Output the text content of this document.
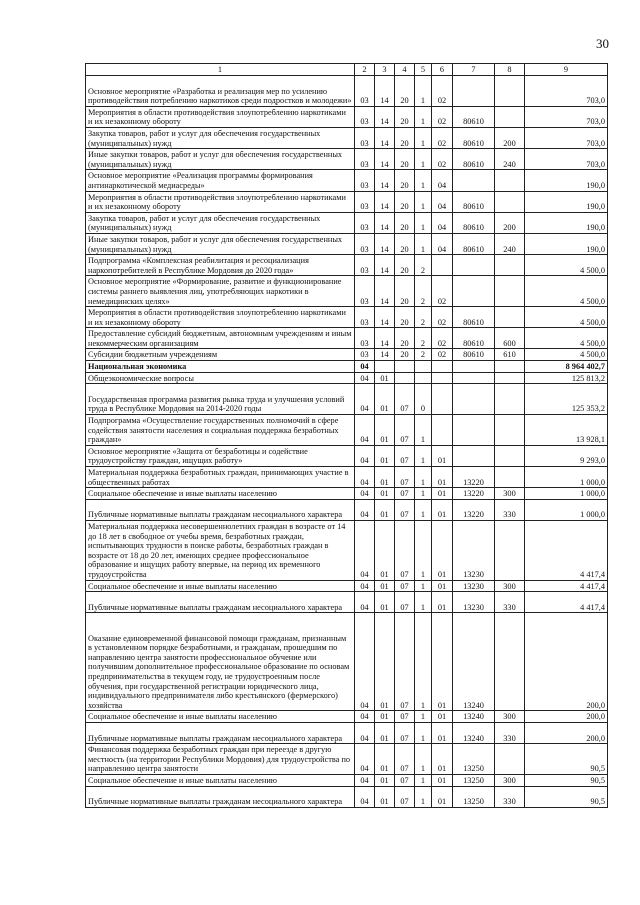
30
1	2	3	4	5	6	7	8	9
Основное мероприятие «Разработка и реализация мер по усилению противодействия потреблению наркотиков среди подростков и молодежи»	03	14	20	1	02			703,0
Мероприятия в области противодействия злоупотреблению наркотиками и их незаконному обороту	03	14	20	1	02	80610		703,0
Закупка товаров, работ и услуг для обеспечения государственных (муниципальных) нужд	03	14	20	1	02	80610	200	703,0
Иные закупки товаров, работ и услуг для обеспечения государственных (муниципальных) нужд	03	14	20	1	02	80610	240	703,0
Основное мероприятие «Реализация программы формирования антинаркотической медиасреды»	03	14	20	1	04			190,0
Мероприятия в области противодействия злоупотреблению наркотиками и их незаконному обороту	03	14	20	1	04	80610		190,0
Закупка товаров, работ и услуг для обеспечения государственных (муниципальных) нужд	03	14	20	1	04	80610	200	190,0
Иные закупки товаров, работ и услуг для обеспечения государственных (муниципальных) нужд	03	14	20	1	04	80610	240	190,0
Подпрограмма «Комплексная реабилитация и ресоциализация наркопотребителей в Республике Мордовия до 2020 года»	03	14	20	2				4 500,0
Основное мероприятие «Формирование, развитие и функционирование системы раннего выявления лиц, употребляющих наркотики в немедицинских целях»	03	14	20	2	02			4 500,0
Мероприятия в области противодействия злоупотреблению наркотиками и их незаконному обороту	03	14	20	2	02	80610		4 500,0
Предоставление субсидий бюджетным, автономным учреждениям и иным некоммерческим организациям	03	14	20	2	02	80610	600	4 500,0
Субсидии бюджетным учреждениям	03	14	20	2	02	80610	610	4 500,0
Национальная экономика	04							8 964 402,7
Общеэкономические вопросы	04	01						125 813,2
Государственная программа развития рынка труда и улучшения условий труда в Республике Мордовия на 2014-2020 годы	04	01	07	0				125 353,2
Подпрограмма «Осуществление государственных полномочий в сфере содействия занятости населения и социальная поддержка безработных граждан»	04	01	07	1				13 928,1
Основное мероприятие «Защита от безработицы и содействие трудоустройству граждан, ищущих работу»	04	01	07	1	01			9 293,0
Материальная поддержка безработных граждан, принимающих участие в общественных работах	04	01	07	1	01	13220		1 000,0
Социальное обеспечение и иные выплаты населению	04	01	07	1	01	13220	300	1 000,0
Публичные нормативные выплаты гражданам несоциального характера	04	01	07	1	01	13220	330	1 000,0
Материальная поддержка несовершеннолетних граждан в возрасте от 14 до 18 лет в свободное от учебы время, безработных граждан, испытывающих трудности в поиске работы, безработных граждан в возрасте от 18 до 20 лет, имеющих среднее профессиональное образование и ищущих работу впервые, на период их временного трудоустройства	04	01	07	1	01	13230		4 417,4
Социальное обеспечение и иные выплаты населению	04	01	07	1	01	13230	300	4 417,4
Публичные нормативные выплаты гражданам несоциального характера	04	01	07	1	01	13230	330	4 417,4
Оказание единовременной финансовой помощи гражданам, признанным в установленном порядке безработными, и гражданам, прошедшим по направлению центра занятости профессиональное обучение или получившим дополнительное профессиональное образование по основам предпринимательства в текущем году, не трудоустроенным после обучения, при государственной регистрации юридического лица, индивидуального предпринимателя либо крестьянского (фермерского) хозяйства	04	01	07	1	01	13240		200,0
Социальное обеспечение и иные выплаты населению	04	01	07	1	01	13240	300	200,0
Публичные нормативные выплаты гражданам несоциального характера	04	01	07	1	01	13240	330	200,0
Финансовая поддержка безработных граждан при переезде в другую местность (на территории Республики Мордовия) для трудоустройства по направлению центра занятости	04	01	07	1	01	13250		90,5
Социальное обеспечение и иные выплаты населению	04	01	07	1	01	13250	300	90,5
Публичные нормативные выплаты гражданам несоциального характера	04	01	07	1	01	13250	330	90,5
